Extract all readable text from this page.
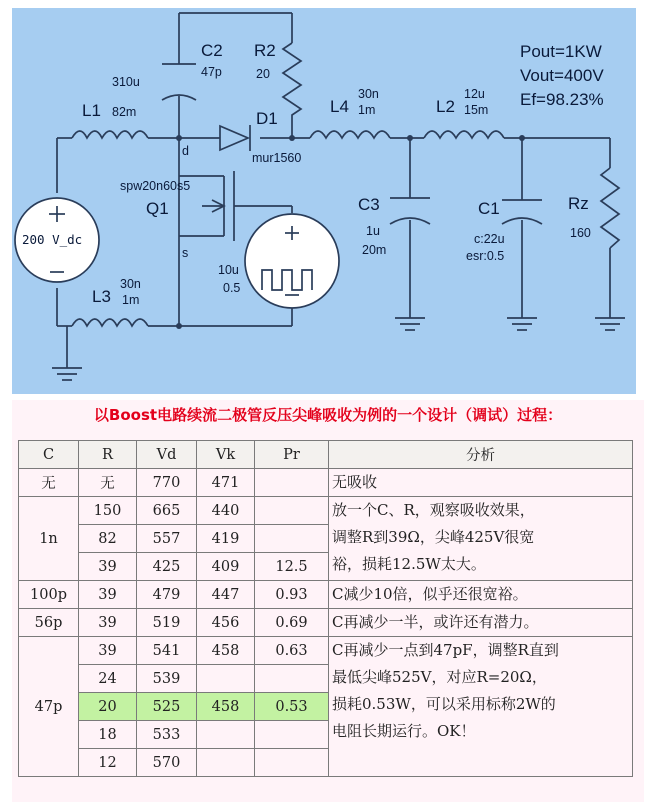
310u
L1 82m
C2
47p
R2
20
D1
mur1560
d
spw20n60s5
Q1
s
10u
0.5
200 V_dc
L3
30n
1m
L4
30n
1m	L2
12u
15m
C3
1u
20m
C1
c:22u
esr:0.5
Rz
160
Pout=1KW
Vout=400V
Ef=98.23%
以Boost电路续流二极管反压尖峰吸收为例的一个设计（调试）过程：
C	R	Vd	Vk	Pr	分析
无	无	770	471		无吸收

1n	150	665	440		放一个C、R，观察吸收效果，
调整R到39Ω，尖峰425V很宽
裕，损耗12.5W太大。

	82	557	419		
	39	425	409	12.5	
100p	39	479	447	0.93	C减少10倍，似乎还很宽裕。

56p	39	519	456	0.69	C再减少一半，或许还有潜力。

47p	39	541	458	0.63	C再减少一点到47pF，调整R直到
最低尖峰525V，对应R=20Ω，
损耗0.53W，可以采用标称2W的
电阻长期运行。OK！

	24	539			
	20	525	458	0.53	
	18	533			
	12	570			
